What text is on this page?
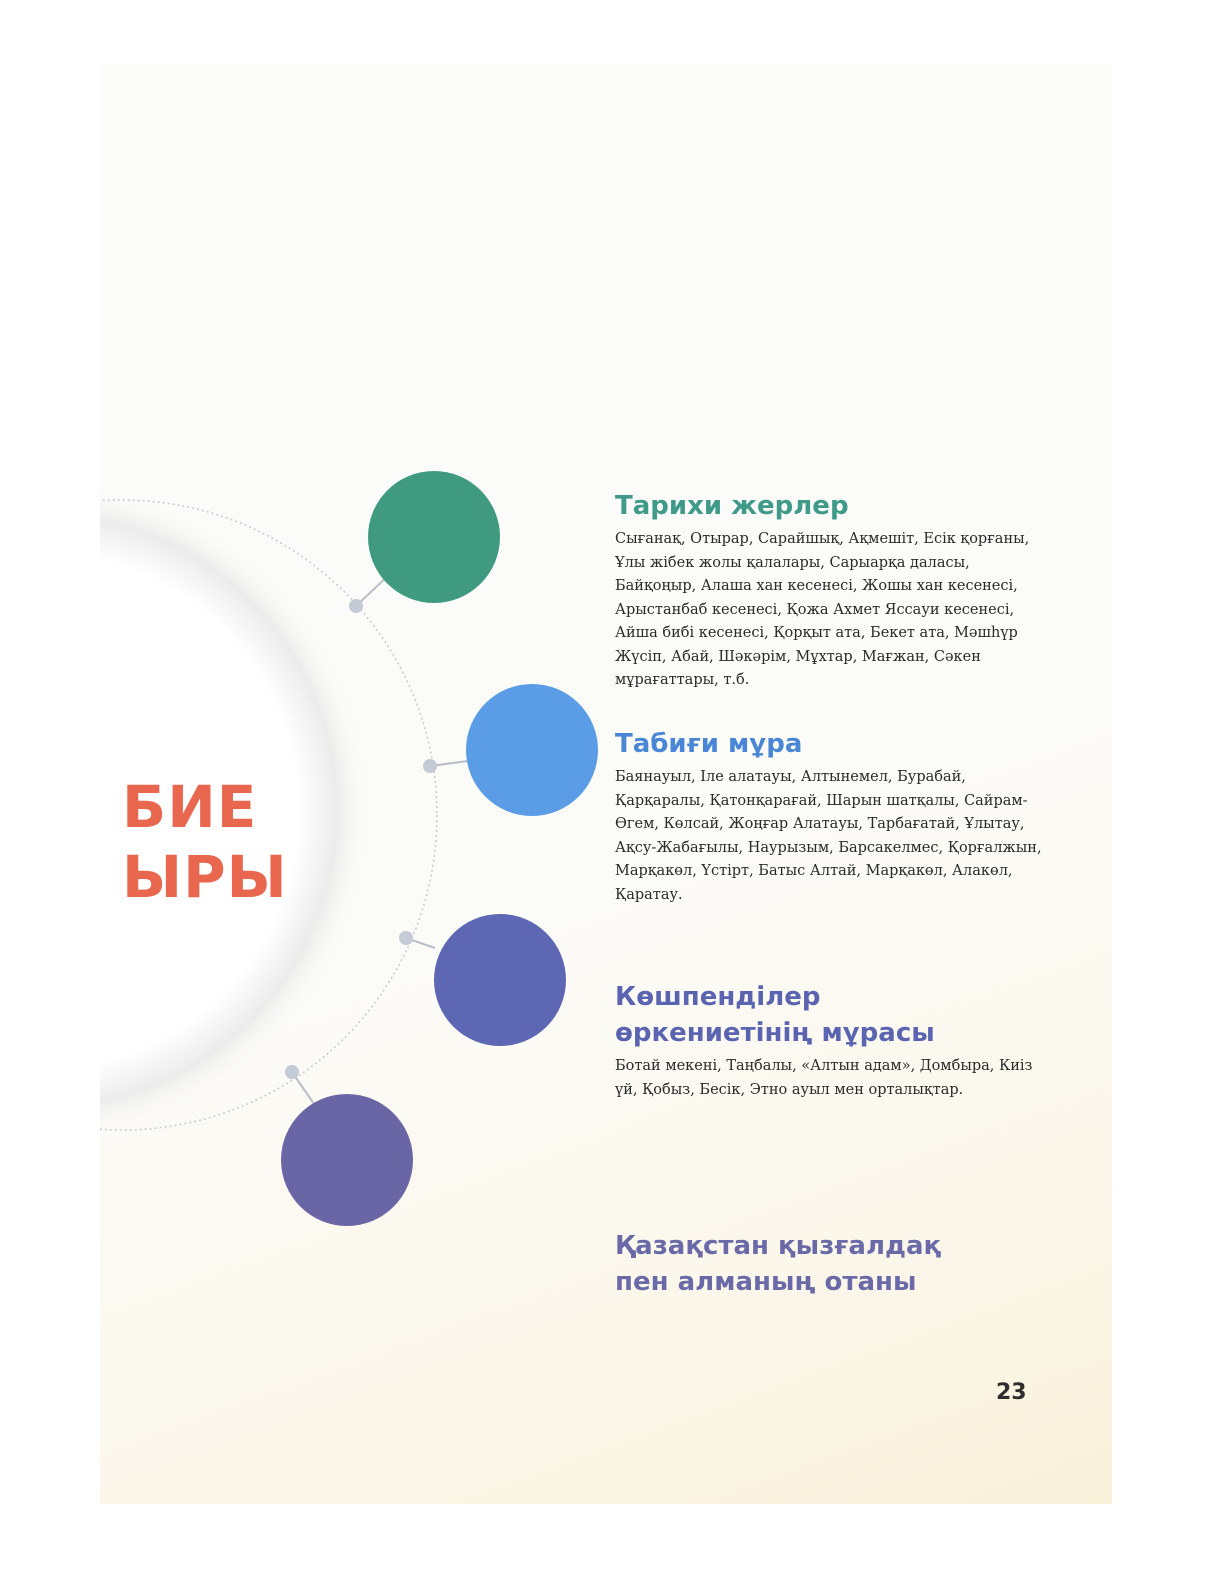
БИЕ
ЫРЫ
Тарихи жерлер

Сығанақ, Отырар, Сарайшық, Ақмешіт, Есік қорғаны, Ұлы жібек жолы қалалары, Сарыарқа даласы, Байқоңыр, Алаша хан кесенесі, Жошы хан кесенесі, Арыстанбаб кесенесі, Қожа Ахмет Яссауи кесенесі, Айша бибі кесенесі, Қорқыт ата, Бекет ата, Мәшһүр Жүсіп, Абай, Шәкәрім, Мұхтар, Мағжан, Сәкен мұрағаттары, т.б.

Табиғи мұра

Баянауыл, Іле алатауы, Алтынемел, Бурабай, Қарқаралы, Қатонқарағай, Шарын шатқалы, Сайрам-Өгем, Көлсай, Жоңғар Алатауы, Тарбағатай, Ұлытау, Ақсу-Жабағылы, Наурызым, Барсакелмес, Қорғалжын, Марқакөл, Үстірт, Батыс Алтай, Марқакөл, Алакөл, Қаратау.

Көшпенділер
өркениетінің мұрасы

Ботай мекені, Таңбалы, «Алтын адам», Домбыра, Киіз үй, Қобыз, Бесік, Этно ауыл мен орталықтар.

Қазақстан қызғалдақ
пен алманың отаны
23
